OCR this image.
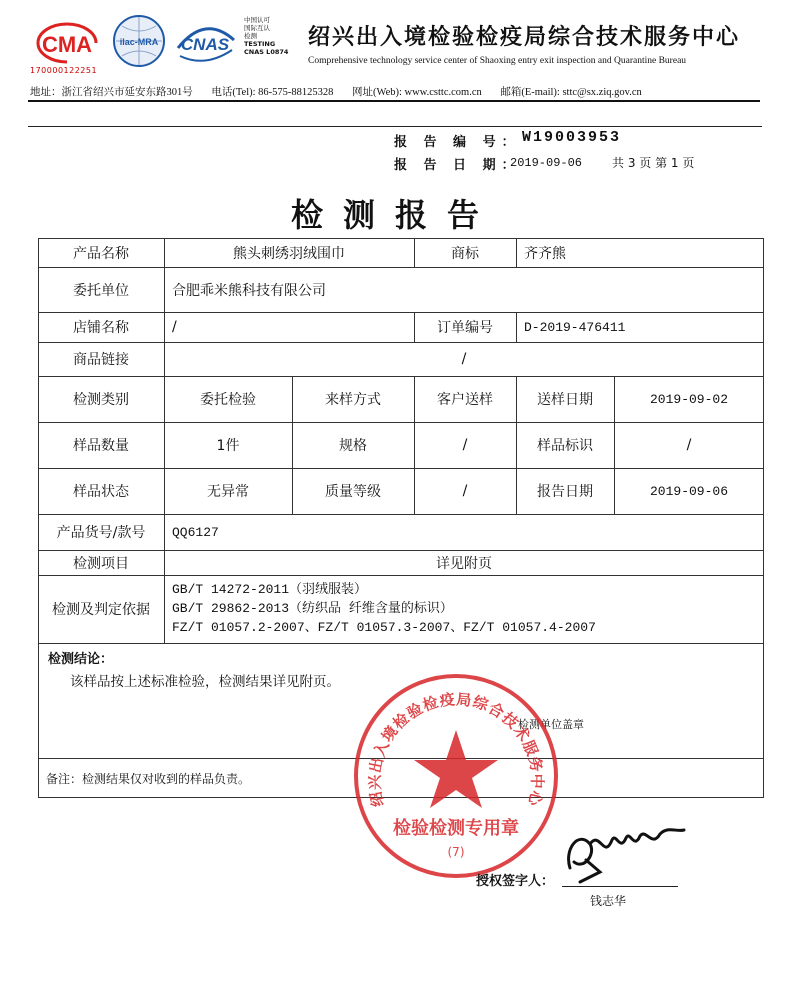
CMA
170000122251
ilac-MRA CNAS
中国认可
国际互认
检测
TESTING
CNAS L0874
绍兴出入境检验检疫局综合技术服务中心
Comprehensive technology service center of Shaoxing entry exit inspection and Quarantine Bureau
地址：浙江省绍兴市延安东路301号 电话(Tel): 86-575-88125328 网址(Web): www.csttc.com.cn 邮箱(E-mail): sttc@sx.ziq.gov.cn
报 告 编 号： W19003953
报 告 日 期：
2019-09-06 共 3 页 第 1 页
检测报告
产品名称	熊头刺绣羽绒围巾	商标	齐齐熊
委托单位	合肥乖米熊科技有限公司
店铺名称	/	订单编号	D-2019-476411
商品链接	/
检测类别	委托检验	来样方式	客户送样	送样日期	2019-09-02
样品数量	1件	规格	/	样品标识	/
样品状态	无异常	质量等级	/	报告日期	2019-09-06
产品货号/款号	QQ6127
检测项目	详见附页
检测及判定依据
GB/T 14272-2011（羽绒服装）
GB/T 29862-2013（纺织品 纤维含量的标识）
FZ/T 01057.2-2007、FZ/T 01057.3-2007、FZ/T 01057.4-2007
检测结论：
该样品按上述标准检验，检测结果详见附页。
检测单位盖章
备注：检测结果仅对收到的样品负责。
绍兴出入境检验检疫局综合技术服务中心
检验检测专用章
(7)
授权签字人：
钱志华
